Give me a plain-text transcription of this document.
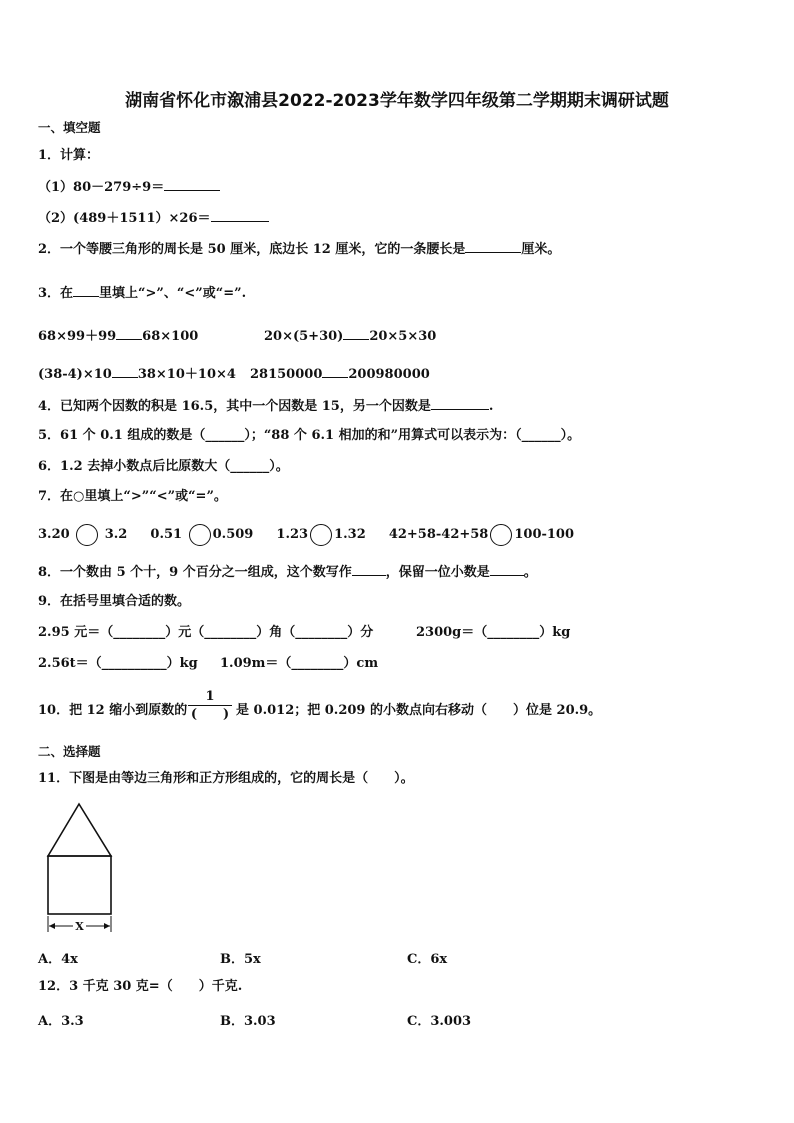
湖南省怀化市溆浦县2022-2023学年数学四年级第二学期期末调研试题
一、填空题
1．计算：
（1）80－279÷9＝
（2）(489＋1511）×26＝
2．一个等腰三角形的周长是 50 厘米，底边长 12 厘米，它的一条腰长是	厘米。
3．在 里填上“>”、“<”或“=”.
68×99＋99 68×100	20×(5+30) 20×5×30
(38-4)×10 38×10＋10×4 28150000 200980000
4．已知两个因数的积是 16.5，其中一个因数是 15，另一个因数是	.
5．61 个 0.1 组成的数是（______）；“88 个 6.1 相加的和”用算式可以表示为：（______）。
6．1.2 去掉小数点后比原数大（______）。
7．在○里填上“>”“<”或“=”。
3.20	3.2 0.51 0.509 1.23 1.32 42+58-42+58 100-100
8．一个数由 5 个十，9 个百分之一组成，这个数写作	，保留一位小数是	。
9．在括号里填合适的数。
2.95 元＝（________）元（________）角（________）分	2300g＝（________）kg
2.56t＝（__________）kg 1.09m＝（________）cm
10．把 12 缩小到原数的
1
(　　) 是 0.012；把 0.209 的小数点向右移动（　　）位是 20.9。
二、选择题
11．下图是由等边三角形和正方形组成的，它的周长是（　　）。
X
A．4x	B．5x	C．6x
12．3 千克 30 克=（　　）千克.
A．3.3	B．3.03	C．3.003
